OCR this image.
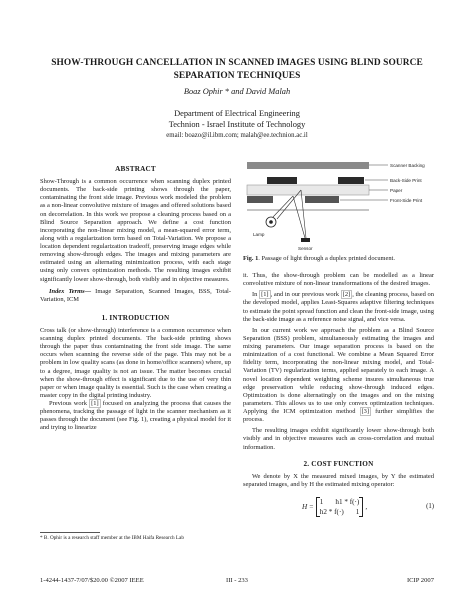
SHOW-THROUGH CANCELLATION IN SCANNED IMAGES USING BLIND SOURCE
SEPARATION TECHNIQUES
Boaz Ophir * and David Malah
Department of Electrical Engineering
Technion - Israel Institute of Technology
email: boazo@il.ibm.com; malah@ee.technion.ac.il
ABSTRACT

Show-Through is a common occurrence when scanning duplex printed documents. The back-side printing shows through the paper, contaminating the front side image. Previous work modeled the problem as a non-linear convolutive mixture of images and offered solutions based on decorrelation. In this work we propose a cleaning process based on a Blind Source Separation approach. We define a cost function incorporating the non-linear mixing model, a mean-squared error term, along with a regularization term based on Total-Variation. We propose a location dependent regularization tradeoff, preserving image edges while removing show-through edges. The images and mixing parameters are estimated using an alternating minimization process, with each stage using only convex optimization methods. The resulting images exhibit significantly lower show-through, both visibly and in objective measures.

Index Terms— Image Separation, Scanned Images, BSS, Total-Variation, ICM

1. INTRODUCTION

Cross talk (or show-through) interference is a common occurrence when scanning duplex printed documents. The back-side printing shows through the paper thus contaminating the front side image. The same occurs when scanning the reverse side of the page. This may not be a problem in low quality scans (as done in home/office scanners) where, up to a degree, image quality is not an issue. The matter becomes crucial when the show-through effect is significant due to the use of very thin paper or when image quality is essential. Such is the case when creating a master copy in the digital printing industry.

Previous work [1] focused on analyzing the process that causes the phenomena, tracking the passage of light in the scanner mechanism as it passes through the document (see Fig. 1), creating a physical model for it and trying to linearize

* B. Ophir is a research staff member at the IBM Haifa Research Lab
Scanner Backing
Back-Side Print
Paper
Front-Side Print
Lamp
Sensor
Fig. 1. Passage of light through a duplex printed document.

it. Thus, the show-through problem can be modelled as a linear convolutive mixture of non-linear transformations of the desired images.

In [1] , and in our previous work [2] , the cleaning process, based on the developed model, applies Least-Squares adaptive filtering techniques to estimate the point spread function and clean the front-side image, using the back-side image as a reference noise signal, and vice versa.

In our current work we approach the problem as a Blind Source Separation (BSS) problem, simultaneously estimating the images and mixing parameters. Our image separation process is based on the minimization of a cost functional. We combine a Mean Squared Error fidelity term, incorporating the non-linear mixing model, and Total-Variation (TV) regularization terms, applied separately to each image. A novel location dependent weighting scheme insures simultaneous true edge preservation while reducing show-through induced edges. Optimization is done alternatingly on the images and on the mixing parameters. This allows us to use only convex optimization techniques. Applying the ICM optimization method [3] further simplifies the process.

The resulting images exhibit significantly lower show-through both visibly and in objective measures such as cross-correlation and mutual information.

2. COST FUNCTION

We denote by X the measured mixed images, by Y the estimated separated images, and by H the estimated mixing operator:

H =
1 h1 * f(·)
h2 * f(·) 1
,	(1)
1-4244-1437-7/07/$20.00 ©2007 IEEE	III - 233	ICIP 2007
